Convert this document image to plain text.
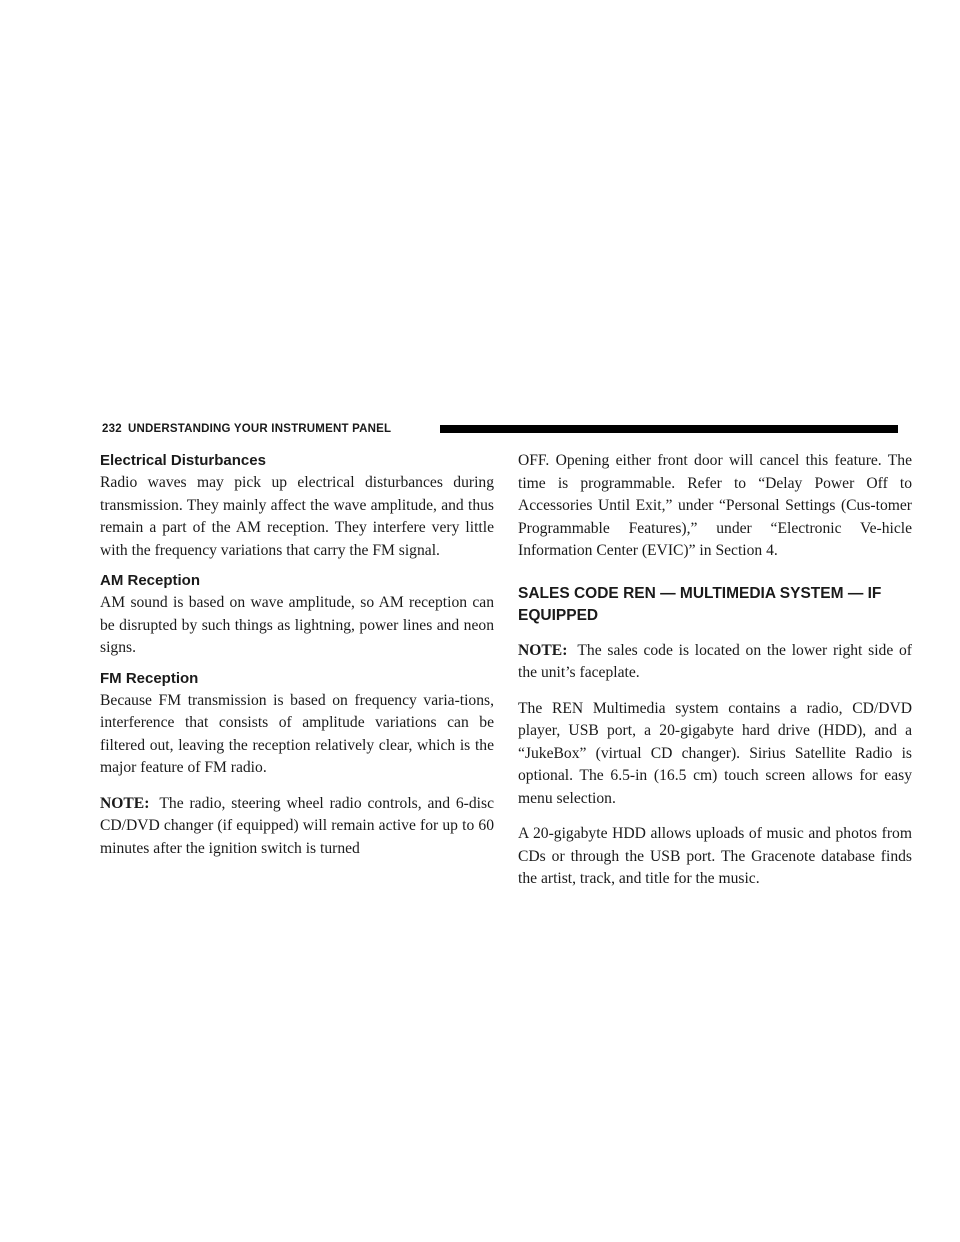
232 UNDERSTANDING YOUR INSTRUMENT PANEL
Electrical Disturbances

Radio waves may pick up electrical disturbances during transmission. They mainly affect the wave amplitude, and thus remain a part of the AM reception. They interfere very little with the frequency variations that carry the FM signal.

AM Reception

AM sound is based on wave amplitude, so AM reception can be disrupted by such things as lightning, power lines and neon signs.

FM Reception

Because FM transmission is based on frequency varia-tions, interference that consists of amplitude variations can be filtered out, leaving the reception relatively clear, which is the major feature of FM radio.

NOTE: The radio, steering wheel radio controls, and 6-disc CD/DVD changer (if equipped) will remain active for up to 60 minutes after the ignition switch is turned

OFF. Opening either front door will cancel this feature. The time is programmable. Refer to “Delay Power Off to Accessories Until Exit,” under “Personal Settings (Cus-tomer Programmable Features),” under “Electronic Ve-hicle Information Center (EVIC)” in Section 4.

SALES CODE REN — MULTIMEDIA SYSTEM — IF EQUIPPED

NOTE: The sales code is located on the lower right side of the unit’s faceplate.

The REN Multimedia system contains a radio, CD/DVD player, USB port, a 20-gigabyte hard drive (HDD), and a “JukeBox” (virtual CD changer). Sirius Satellite Radio is optional. The 6.5-in (16.5 cm) touch screen allows for easy menu selection.

A 20-gigabyte HDD allows uploads of music and photos from CDs or through the USB port. The Gracenote database finds the artist, track, and title for the music.
